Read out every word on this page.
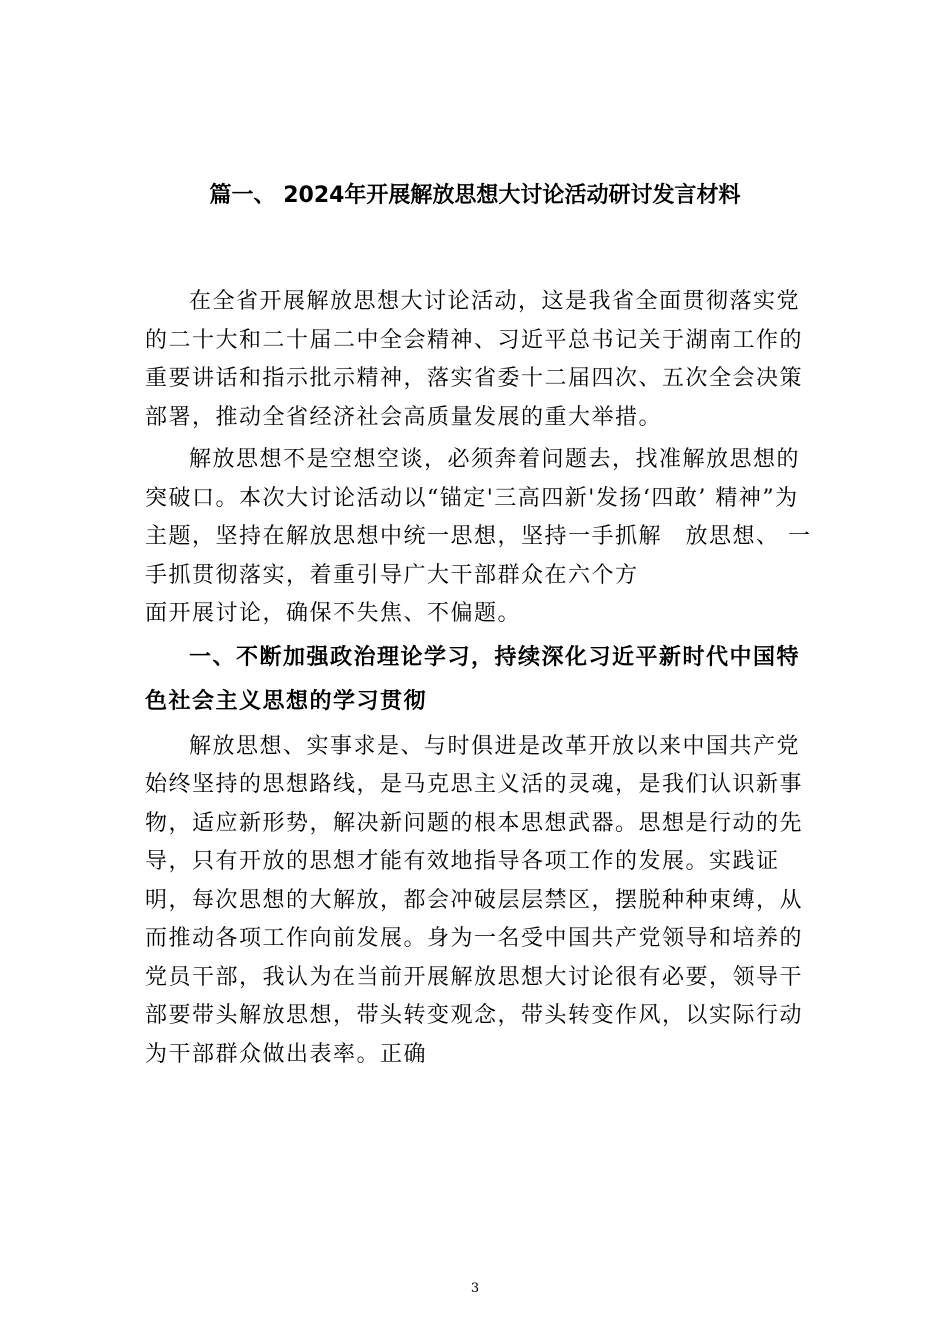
篇一、 2024年开展解放思想大讨论活动研讨发言材料

在全省开展解放思想大讨论活动，这是我省全面贯彻落实党的二十大和二十届二中全会精神、习近平总书记关于湖南工作的重要讲话和指示批示精神，落实省委十二届四次、五次全会决策部署，推动全省经济社会高质量发展的重大举措。

解放思想不是空想空谈，必须奔着问题去，找准解放思想的突破口。本次大讨论活动以“锚定'三高四新'发扬‘四敢’ 精神”为主题，坚持在解放思想中统一思想，坚持一手抓解　放思想、 一手抓贯彻落实，着重引导广大干部群众在六个方

面开展讨论，确保不失焦、不偏题。

一、不断加强政治理论学习，持续深化习近平新时代中国特色社会主义思想的学习贯彻

解放思想、实事求是、与时俱进是改革开放以来中国共产党始终坚持的思想路线，是马克思主义活的灵魂，是我们认识新事物，适应新形势，解决新问题的根本思想武器。思想是行动的先导，只有开放的思想才能有效地指导各项工作的发展。实践证明，每次思想的大解放，都会冲破层层禁区，摆脱种种束缚，从而推动各项工作向前发展。身为一名受中国共产党领导和培养的党员干部，我认为在当前开展解放思想大讨论很有必要，领导干部要带头解放思想，带头转变观念，带头转变作风，以实际行动为干部群众做出表率。正确

3
